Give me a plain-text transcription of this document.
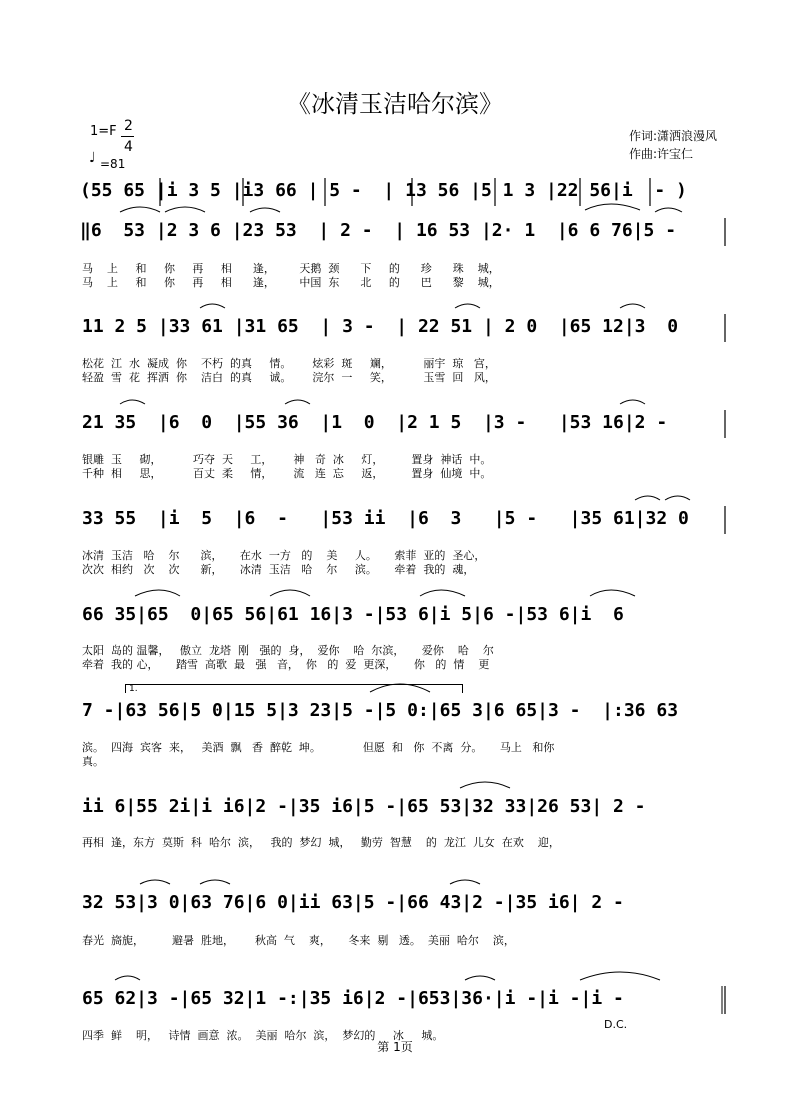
《冰清玉洁哈尔滨》
1=F 2
4
♩ =81
作词:潇洒浪漫风
作曲:许宝仁
1.
(55 65 |i 3 5 |i3 66 | 5 -  | 13 56 |5 1 3 |22 56|i  - )
‖6  53 |2 3 6 |23 53  | 2 -  | 16 53 |2· 1  |6 6 76|5 -
马    上     和     你     再     相      逢，       天鹅  颈      下     的      珍      珠    城，
马    上     和     你     再     相      逢，       中国  东      北     的      巴      黎    城，
11 2 5 |33 61 |31 65  | 3 -  | 22 51 | 2 0  |65 12|3  0
松花  江  水  凝成  你    不朽  的真     情。      炫彩  斑     斓，         丽宇  琼   宫，
轻盈  雪  花  挥洒  你    洁白  的真     诚。      浣尔  一     笑，         玉雪  回   风，
21 35  |6  0  |55 36  |1  0  |2 1 5  |3 -   |53 16|2 -
银雕  玉     砌，         巧夺  天     工，      神   奇  冰     灯，        置身  神话  中。
千种  相     思，         百丈  柔     情，      流   连  忘     返，        置身  仙境  中。
33 55  |i  5  |6  -   |53 ii  |6  3   |5 -   |35 61|32 0
冰清  玉洁   哈    尔      滨，     在水  一方   的    美     人。     索菲  亚的  圣心，
次次  相约   次    次      新，     冰清  玉洁   哈    尔     滨。     牵着  我的  魂，
66 35|65  0|65 56|61 16|3 -|53 6|i 5|6 -|53 6|i  6
太阳  岛的 温馨，   傲立  龙塔  刚   强的  身，  爱你    哈  尔滨，     爱你    哈    尔
牵着  我的 心，     踏雪  高歌  最   强   音，  你   的  爱  更深，     你   的  情    更
7 -|63 56|5 0|15 5|3 23|5 -|5 0:|65 3|6 65|3 -  |:36 63
滨。  四海  宾客  来，   美酒  飘   香  醉乾  坤。            但愿  和   你  不离  分。     马上   和你
真。
ii 6|55 2i|i i6|2 -|35 i6|5 -|65 53|32 33|26 53| 2 -
再相  逢，东方  莫斯  科  哈尔  滨，   我的  梦幻  城，   勤劳  智慧    的  龙江  儿女  在欢    迎，
32 53|3 0|63 76|6 0|ii 63|5 -|66 43|2 -|35 i6| 2 -
春光  旖旎，        避暑  胜地，      秋高  气    爽，     冬来  剔   透。  美丽  哈尔    滨，
65 62|3 -|65 32|1 -:|35 i6|2 -|653|36·|i -|i -|i -
四季  鲜    明，   诗情  画意  浓。  美丽  哈尔  滨，  梦幻的     冰     城。
D.C.
第 1页
